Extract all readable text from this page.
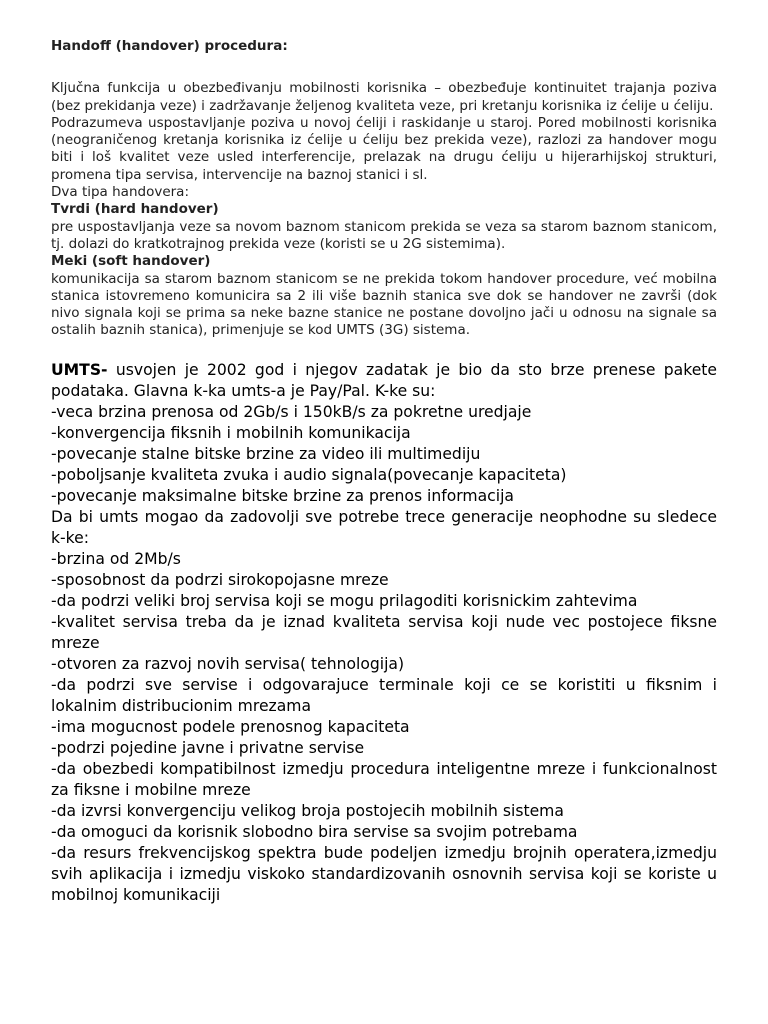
Handoff (handover) procedura:

Ključna funkcija u obezbeđivanju mobilnosti korisnika – obezbeđuje kontinuitet trajanja poziva (bez prekidanja veze) i zadržavanje željenog kvaliteta veze, pri kretanju korisnika iz ćelije u ćeliju.

Podrazumeva uspostavljanje poziva u novoj ćeliji i raskidanje u staroj. Pored mobilnosti korisnika (neograničenog kretanja korisnika iz ćelije u ćeliju bez prekida veze), razlozi za handover mogu biti i loš kvalitet veze usled interferencije, prelazak na drugu ćeliju u hijerarhijskoj strukturi, promena tipa servisa, intervencije na baznoj stanici i sl.

Dva tipa handovera:

Tvrdi (hard handover)

pre uspostavljanja veze sa novom baznom stanicom prekida se veza sa starom baznom stanicom, tj. dolazi do kratkotrajnog prekida veze (koristi se u 2G sistemima).

Meki (soft handover)

komunikacija sa starom baznom stanicom se ne prekida tokom handover procedure, već mobilna stanica istovremeno komunicira sa 2 ili više baznih stanica sve dok se handover ne završi (dok nivo signala koji se prima sa neke bazne stanice ne postane dovoljno jači u odnosu na signale sa ostalih baznih stanica), primenjuje se kod UMTS (3G) sistema.

UMTS- usvojen je 2002 god i njegov zadatak je bio da sto brze prenese pakete podataka. Glavna k-ka umts-a je Pay/Pal. K-ke su:

-veca brzina prenosa od 2Gb/s i 150kB/s za pokretne uredjaje

-konvergencija fiksnih i mobilnih komunikacija

-povecanje stalne bitske brzine za video ili multimediju

-poboljsanje kvaliteta zvuka i audio signala(povecanje kapaciteta)

-povecanje maksimalne bitske brzine za prenos informacija

Da bi umts mogao da zadovolji sve potrebe trece generacije neophodne su sledece k-ke:

-brzina od 2Mb/s

-sposobnost da podrzi sirokopojasne mreze

-da podrzi veliki broj servisa koji se mogu prilagoditi korisnickim zahtevima

-kvalitet servisa treba da je iznad kvaliteta servisa koji nude vec postojece fiksne mreze

-otvoren za razvoj novih servisa( tehnologija)

-da podrzi sve servise i odgovarajuce terminale koji ce se koristiti u fiksnim i lokalnim distribucionim mrezama

-ima mogucnost podele prenosnog kapaciteta

-podrzi pojedine javne i privatne servise

-da obezbedi kompatibilnost izmedju procedura inteligentne mreze i funkcionalnost za fiksne i mobilne mreze

-da izvrsi konvergenciju velikog broja postojecih mobilnih sistema

-da omoguci da korisnik slobodno bira servise sa svojim potrebama

-da resurs frekvencijskog spektra bude podeljen izmedju brojnih operatera,izmedju svih aplikacija i izmedju viskoko standardizovanih osnovnih servisa koji se koriste u mobilnoj komunikaciji
